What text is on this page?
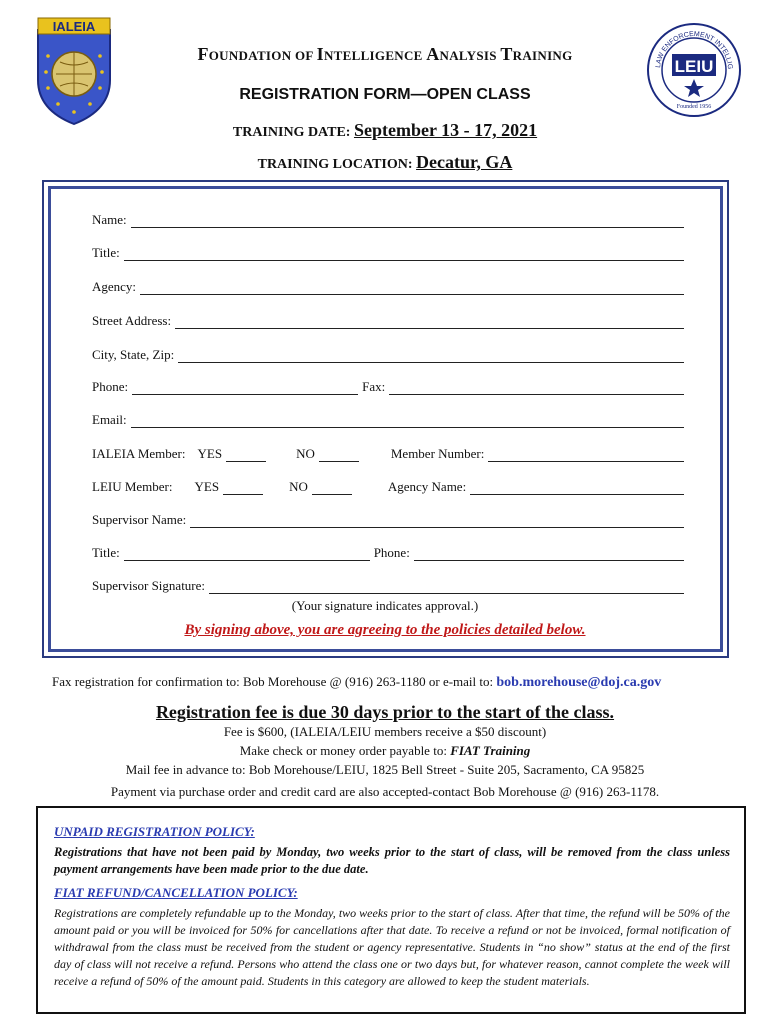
IALEIA
LAW ENFORCEMENT INTELLIG
LEIU
Founded 1956
FOUNDATION OF INTELLIGENCE ANALYSIS TRAINING
REGISTRATION FORM—OPEN CLASS
TRAINING DATE: September 13 - 17, 2021
TRAINING LOCATION: Decatur, GA
Name:
Title:
Agency:
Street Address:
City, State, Zip:
Phone:	Fax:
Email:
IALEIA Member: YES	NO	Member Number:
LEIU Member:	YES	NO	Agency Name:
Supervisor Name:
Title:	Phone:
Supervisor Signature:
(Your signature indicates approval.)
By signing above, you are agreeing to the policies detailed below.
Fax registration for confirmation to: Bob Morehouse @ (916) 263-1180 or e-mail to: bob.morehouse@doj.ca.gov
Registration fee is due 30 days prior to the start of the class.
Fee is $600, (IALEIA/LEIU members receive a $50 discount)
Make check or money order payable to: FIAT Training
Mail fee in advance to: Bob Morehouse/LEIU, 1825 Bell Street - Suite 205, Sacramento, CA 95825
Payment via purchase order and credit card are also accepted-contact Bob Morehouse @ (916) 263-1178.
UNPAID REGISTRATION POLICY:
Registrations that have not been paid by Monday, two weeks prior to the start of class, will be removed from the class unless payment arrangements have been made prior to the due date.
FIAT REFUND/CANCELLATION POLICY:
Registrations are completely refundable up to the Monday, two weeks prior to the start of class. After that time, the refund will be 50% of the amount paid or you will be invoiced for 50% for cancellations after that date. To receive a refund or not be invoiced, formal notification of withdrawal from the class must be received from the student or agency representative. Students in “no show” status at the end of the first day of class will not receive a refund. Persons who attend the class one or two days but, for whatever reason, cannot complete the week will receive a refund of 50% of the amount paid. Students in this category are allowed to keep the student materials.
